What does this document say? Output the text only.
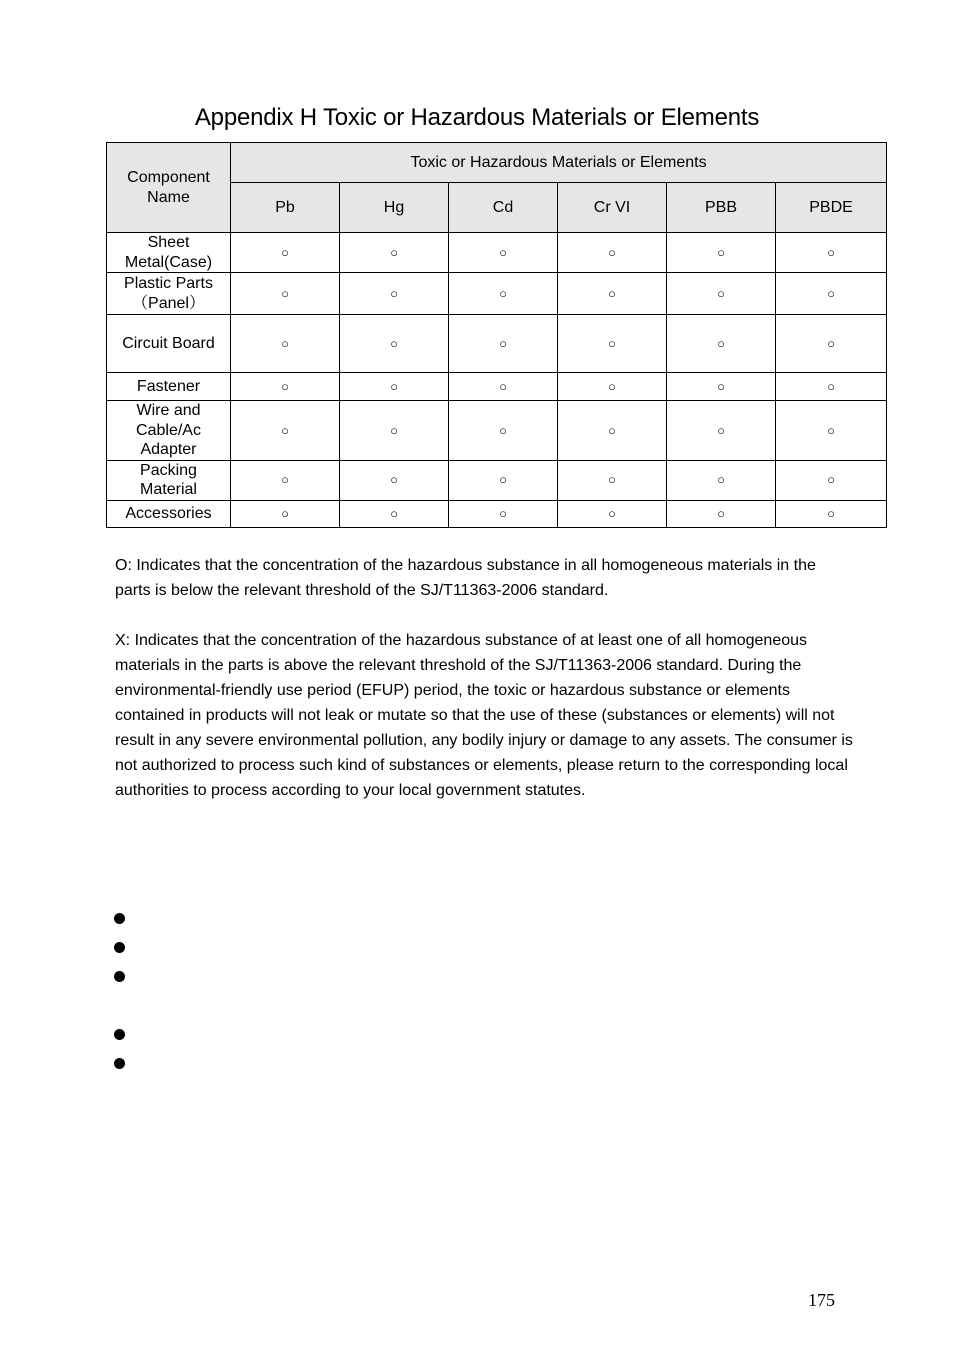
Appendix H Toxic or Hazardous Materials or Elements
Component Name	Toxic or Hazardous Materials or Elements					
	Pb	Hg	Cd	Cr VI	PBB	PBDE
Sheet Metal(Case)	○	○	○	○	○	○
Plastic Parts （Panel）	○	○	○	○	○	○
Circuit Board	○	○	○	○	○	○
Fastener	○	○	○	○	○	○
Wire and Cable/Ac Adapter	○	○	○	○	○	○
Packing Material	○	○	○	○	○	○
Accessories	○	○	○	○	○	○

O: Indicates that the concentration of the hazardous substance in all homogeneous materials in the parts is below the relevant threshold of the SJ/T11363-2006 standard.

X: Indicates that the concentration of the hazardous substance of at least one of all homogeneous materials in the parts is above the relevant threshold of the SJ/T11363-2006 standard. During the environmental-friendly use period (EFUP) period, the toxic or hazardous substance or elements contained in products will not leak or mutate so that the use of these (substances or elements) will not result in any severe environmental pollution, any bodily injury or damage to any assets. The consumer is not authorized to process such kind of substances or elements, please return to the corresponding local authorities to process according to your local government statutes.

175
